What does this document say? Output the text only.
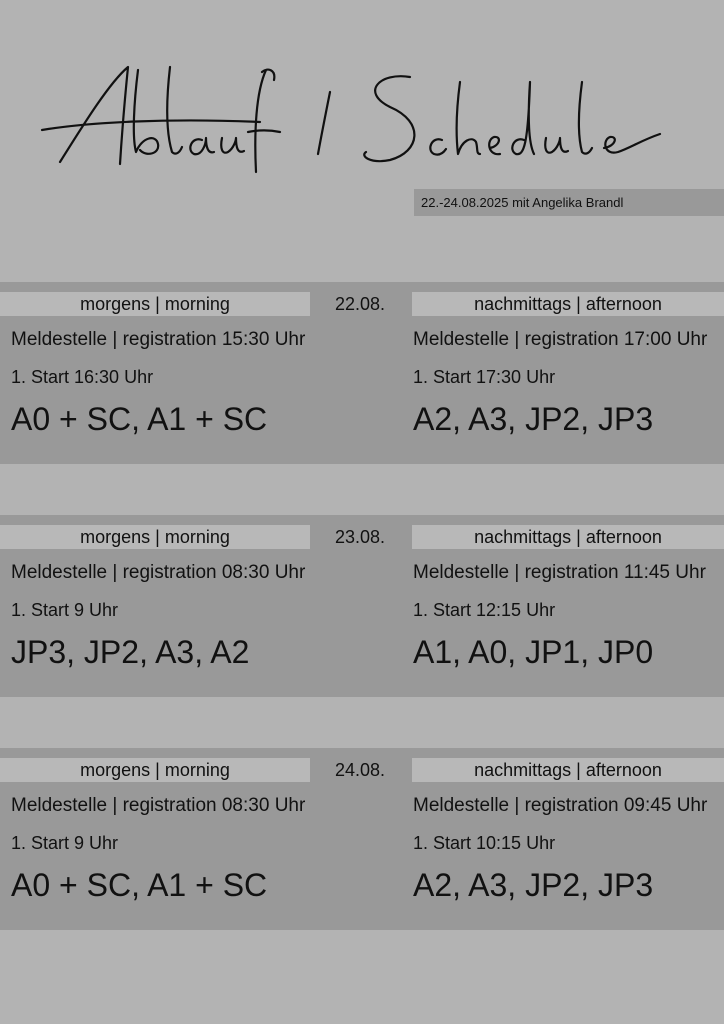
22.-24.08.2025 mit Angelika Brandl
morgens | morning	22.08.	nachmittags | afternoon
Meldestelle | registration 15:30 Uhr	Meldestelle | registration 17:00 Uhr
1. Start 16:30 Uhr	1. Start 17:30 Uhr
A0 + SC, A1 + SC	A2, A3, JP2, JP3
morgens | morning	23.08.	nachmittags | afternoon
Meldestelle | registration 08:30 Uhr	Meldestelle | registration 11:45 Uhr
1. Start 9 Uhr	1. Start 12:15 Uhr
JP3, JP2, A3, A2	A1, A0, JP1, JP0
morgens | morning	24.08.	nachmittags | afternoon
Meldestelle | registration 08:30 Uhr	Meldestelle | registration 09:45 Uhr
1. Start 9 Uhr	1. Start 10:15 Uhr
A0 + SC, A1 + SC	A2, A3, JP2, JP3
